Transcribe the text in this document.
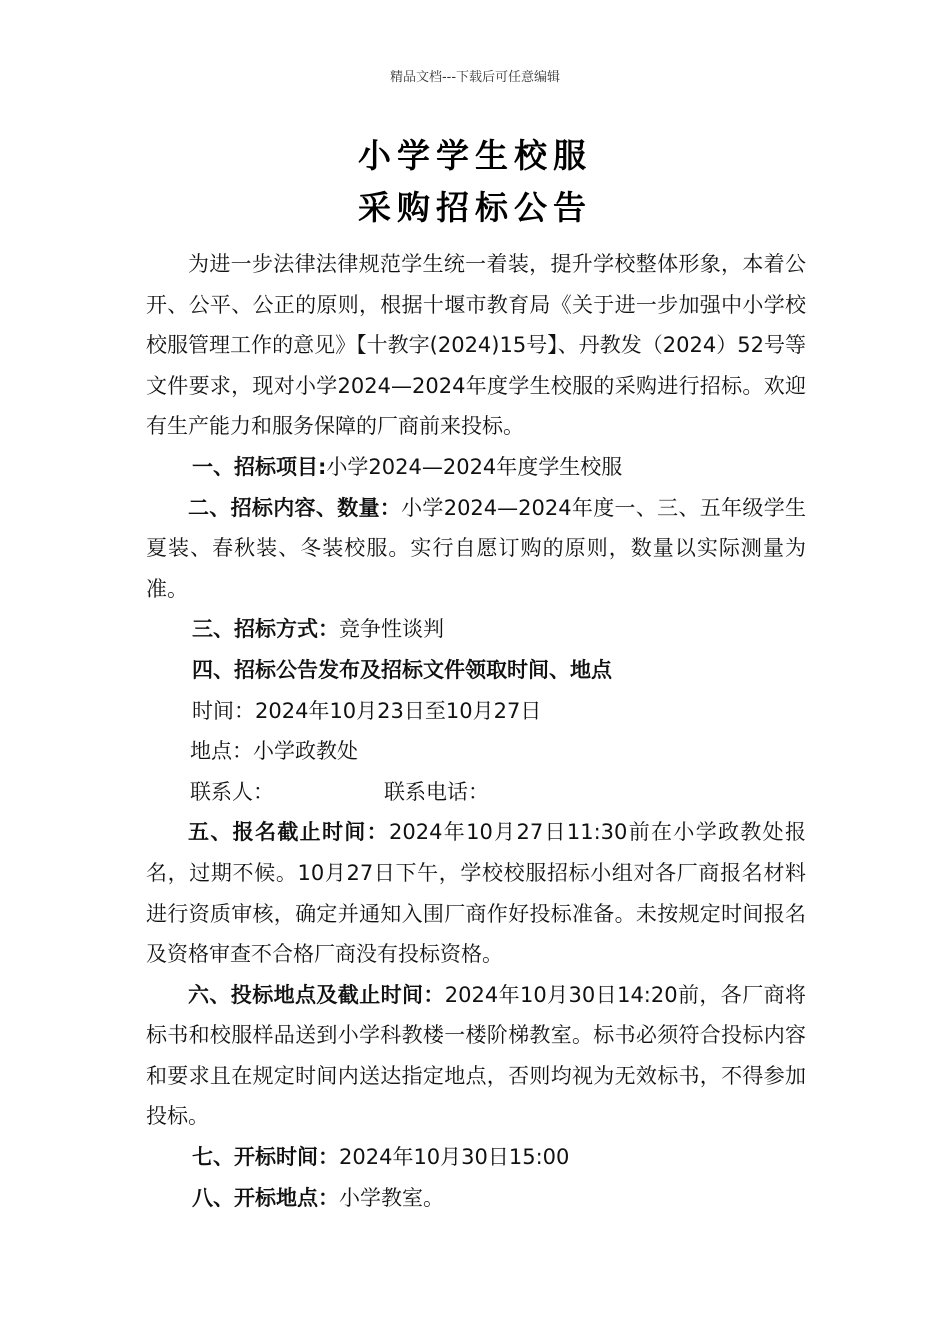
精品文档---下载后可任意编辑
小学学生校服
采购招标公告

为进一步法律法律规范学生统一着装，提升学校整体形象，本着公开、公平、公正的原则，根据十堰市教育局《关于进一步加强中小学校校服管理工作的意见》【十教字(2024)15号】、丹教发（2024）52号等文件要求，现对小学2024—2024年度学生校服的采购进行招标。欢迎有生产能力和服务保障的厂商前来投标。

一、招标项目:小学2024—2024年度学生校服

二、招标内容、数量：小学2024—2024年度一、三、五年级学生夏装、春秋装、冬装校服。实行自愿订购的原则，数量以实际测量为准。

三、招标方式：竞争性谈判

四、招标公告发布及招标文件领取时间、地点

时间：2024年10月23日至10月27日

地点：小学政教处

联系人：	联系电话：

五、报名截止时间：2024年10月27日11:30前在小学政教处报名，过期不候。10月27日下午，学校校服招标小组对各厂商报名材料进行资质审核，确定并通知入围厂商作好投标准备。未按规定时间报名及资格审查不合格厂商没有投标资格。

六、投标地点及截止时间：2024年10月30日14:20前，各厂商将标书和校服样品送到小学科教楼一楼阶梯教室。标书必须符合投标内容和要求且在规定时间内送达指定地点，否则均视为无效标书，不得参加投标。

七、开标时间：2024年10月30日15:00

八、开标地点：小学教室。
